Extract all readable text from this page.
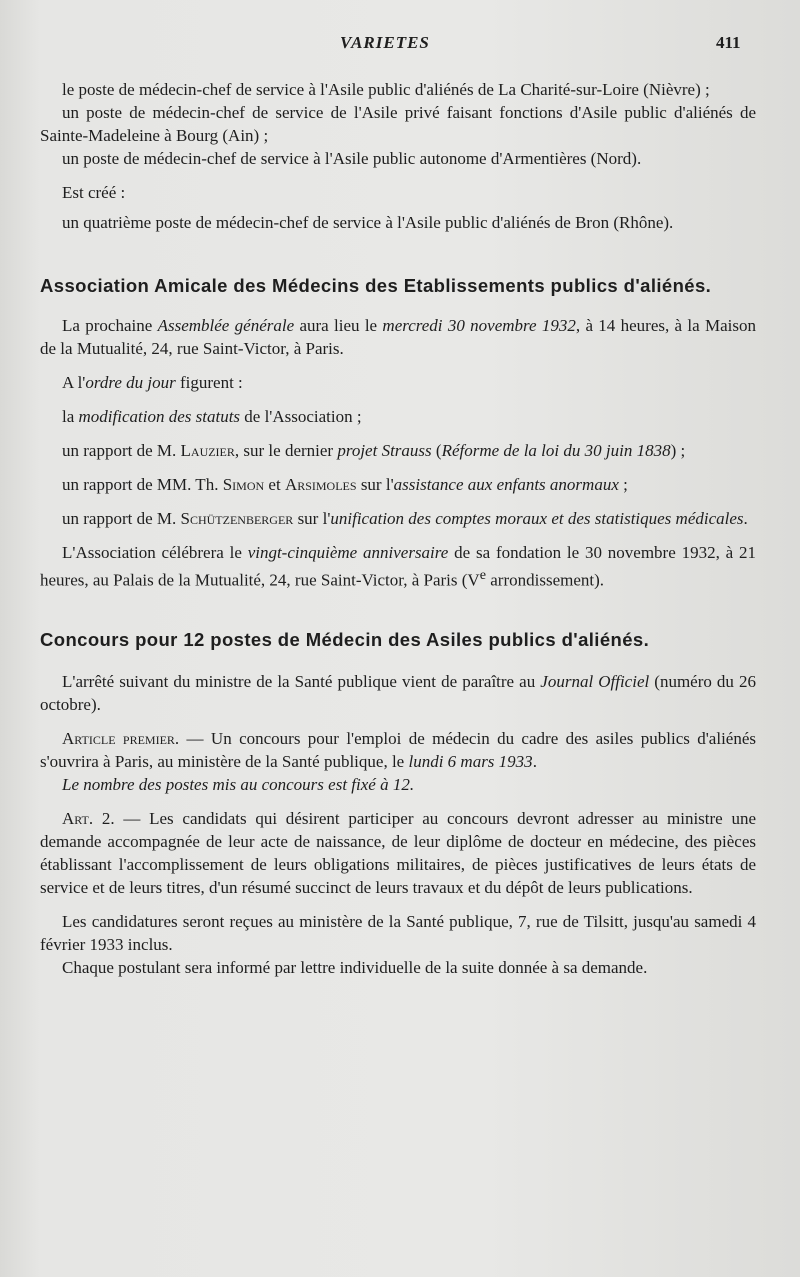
VARIETES	411

le poste de médecin-chef de service à l'Asile public d'aliénés de La Charité-sur-Loire (Nièvre) ;

un poste de médecin-chef de service de l'Asile privé faisant fonctions d'Asile public d'aliénés de Sainte-Madeleine à Bourg (Ain) ;

un poste de médecin-chef de service à l'Asile public autonome d'Armentières (Nord).

Est créé :

un quatrième poste de médecin-chef de service à l'Asile public d'aliénés de Bron (Rhône).

Association Amicale des Médecins des Etablissements publics d'aliénés.

La prochaine Assemblée générale aura lieu le mercredi 30 novembre 1932, à 14 heures, à la Maison de la Mutualité, 24, rue Saint-Victor, à Paris.

A l'ordre du jour figurent :

la modification des statuts de l'Association ;

un rapport de M. Lauzier, sur le dernier projet Strauss (Réforme de la loi du 30 juin 1838) ;

un rapport de MM. Th. Simon et Arsimoles sur l'assistance aux enfants anormaux ;

un rapport de M. Schützenberger sur l'unification des comptes moraux et des statistiques médicales.

L'Association célébrera le vingt-cinquième anniversaire de sa fondation le 30 novembre 1932, à 21 heures, au Palais de la Mutualité, 24, rue Saint-Victor, à Paris (Ve arrondissement).

Concours pour 12 postes de Médecin des Asiles publics d'aliénés.

L'arrêté suivant du ministre de la Santé publique vient de paraître au Journal Officiel (numéro du 26 octobre).

Article premier. — Un concours pour l'emploi de médecin du cadre des asiles publics d'aliénés s'ouvrira à Paris, au ministère de la Santé publique, le lundi 6 mars 1933.

Le nombre des postes mis au concours est fixé à 12.

Art. 2. — Les candidats qui désirent participer au concours devront adresser au ministre une demande accompagnée de leur acte de naissance, de leur diplôme de docteur en médecine, des pièces établissant l'accomplissement de leurs obligations militaires, de pièces justificatives de leurs états de service et de leurs titres, d'un résumé succinct de leurs travaux et du dépôt de leurs publications.

Les candidatures seront reçues au ministère de la Santé publique, 7, rue de Tilsitt, jusqu'au samedi 4 février 1933 inclus.

Chaque postulant sera informé par lettre individuelle de la suite donnée à sa demande.
